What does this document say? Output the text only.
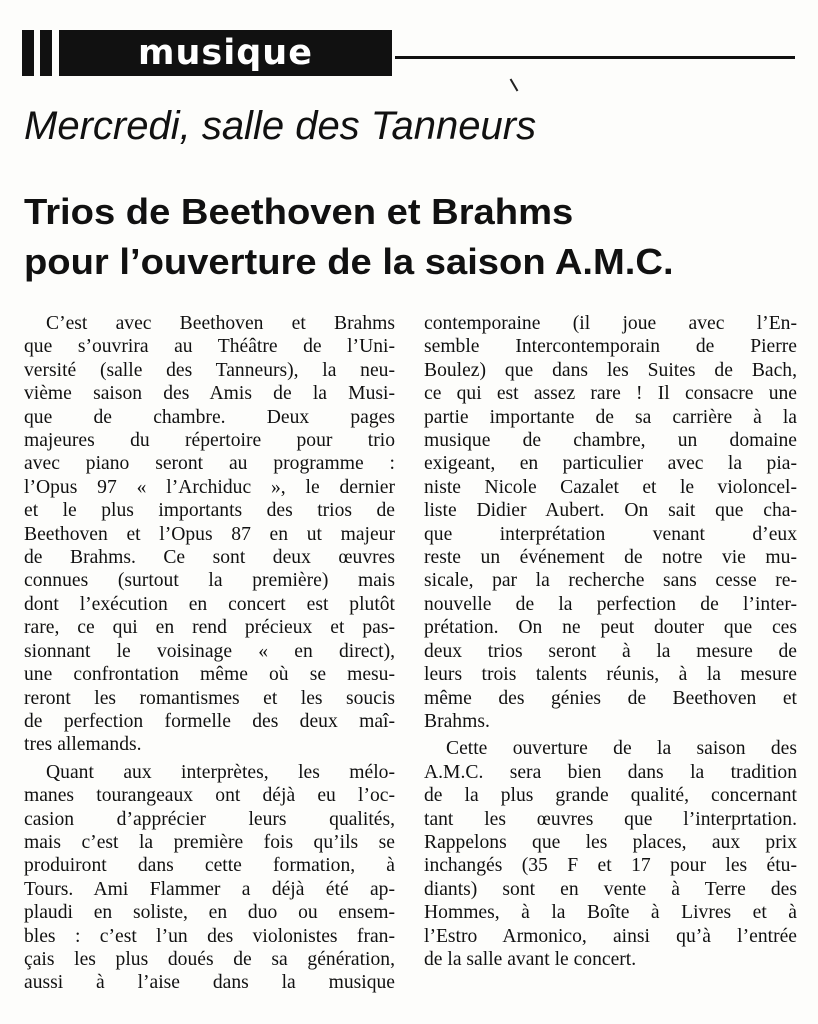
musique
Mercredi, salle des Tanneurs
Trios de Beethoven et Brahms
pour l’ouverture de la saison A.M.C.
C’est avec Beethoven et Brahms
que s’ouvrira au Théâtre de l’Uni-
versité (salle des Tanneurs), la neu-
vième saison des Amis de la Musi-
que de chambre. Deux pages
majeures du répertoire pour trio
avec piano seront au programme :
l’Opus 97 « l’Archiduc », le dernier
et le plus importants des trios de
Beethoven et l’Opus 87 en ut majeur
de Brahms. Ce sont deux œuvres
connues (surtout la première) mais
dont l’exécution en concert est plutôt
rare, ce qui en rend précieux et pas-
sionnant le voisinage « en direct),
une confrontation même où se mesu-
reront les romantismes et les soucis
de perfection formelle des deux maî-
tres allemands.
Quant aux interprètes, les mélo-
manes tourangeaux ont déjà eu l’oc-
casion d’apprécier leurs qualités,
mais c’est la première fois qu’ils se
produiront dans cette formation, à
Tours. Ami Flammer a déjà été ap-
plaudi en soliste, en duo ou ensem-
bles : c’est l’un des violonistes fran-
çais les plus doués de sa génération,
aussi à l’aise dans la musique
contemporaine (il joue avec l’En-
semble Intercontemporain de Pierre
Boulez) que dans les Suites de Bach,
ce qui est assez rare ! Il consacre une
partie importante de sa carrière à la
musique de chambre, un domaine
exigeant, en particulier avec la pia-
niste Nicole Cazalet et le violoncel-
liste Didier Aubert. On sait que cha-
que interprétation venant d’eux
reste un événement de notre vie mu-
sicale, par la recherche sans cesse re-
nouvelle de la perfection de l’inter-
prétation. On ne peut douter que ces
deux trios seront à la mesure de
leurs trois talents réunis, à la mesure
même des génies de Beethoven et
Brahms.
Cette ouverture de la saison des
A.M.C. sera bien dans la tradition
de la plus grande qualité, concernant
tant les œuvres que l’interprtation.
Rappelons que les places, aux prix
inchangés (35 F et 17 pour les étu-
diants) sont en vente à Terre des
Hommes, à la Boîte à Livres et à
l’Estro Armonico, ainsi qu’à l’entrée
de la salle avant le concert.
